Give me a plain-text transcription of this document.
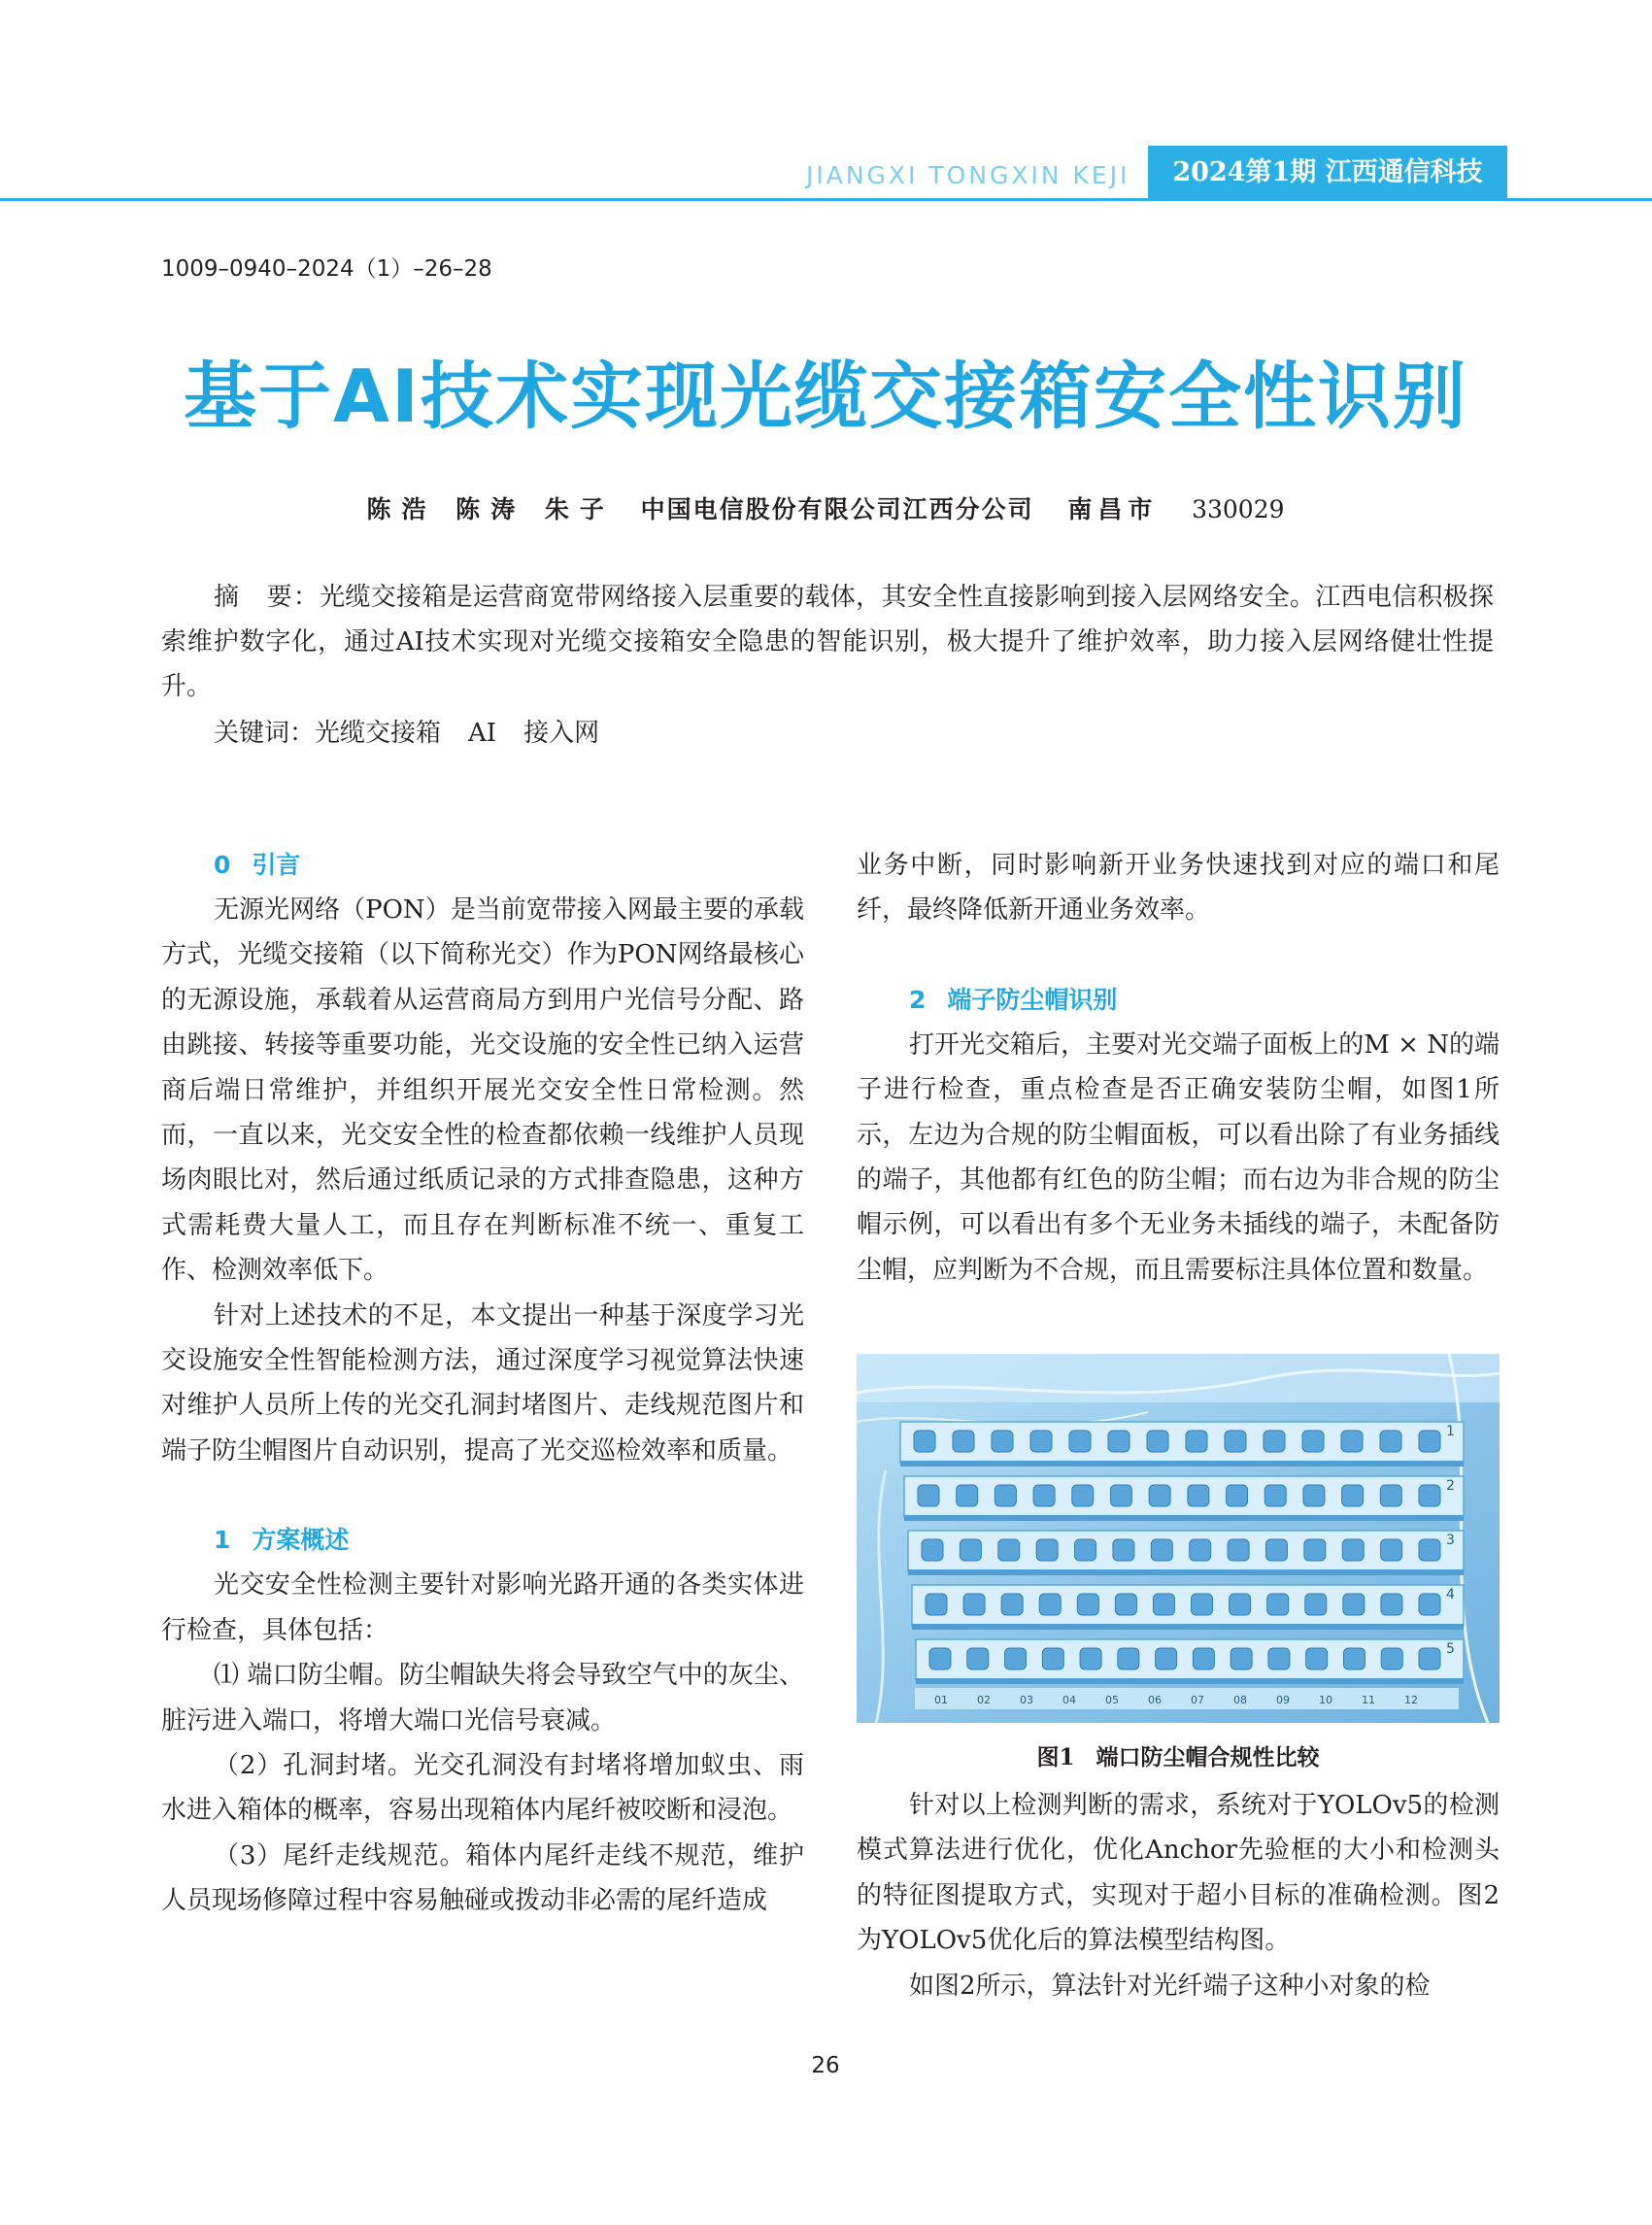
JIANGXI TONGXIN KEJI	2024第1期 江西通信科技
1009–0940–2024（1）–26–28
基于AI技术实现光缆交接箱安全性识别
陈浩 陈涛 朱子 中国电信股份有限公司江西分公司 南昌市 330029

摘　要：光缆交接箱是运营商宽带网络接入层重要的载体，其安全性直接影响到接入层网络安全。江西电信积极探索维护数字化，通过AI技术实现对光缆交接箱安全隐患的智能识别，极大提升了维护效率，助力接入层网络健壮性提升。

关键词：光缆交接箱 AI 接入网
0 引言

无源光网络（PON）是当前宽带接入网最主要的承载方式，光缆交接箱（以下简称光交）作为PON网络最核心的无源设施，承载着从运营商局方到用户光信号分配、路由跳接、转接等重要功能，光交设施的安全性已纳入运营商后端日常维护，并组织开展光交安全性日常检测。然而，一直以来，光交安全性的检查都依赖一线维护人员现场肉眼比对，然后通过纸质记录的方式排查隐患，这种方式需耗费大量人工，而且存在判断标准不统一、重复工作、检测效率低下。

针对上述技术的不足，本文提出一种基于深度学习光交设施安全性智能检测方法，通过深度学习视觉算法快速对维护人员所上传的光交孔洞封堵图片、走线规范图片和端子防尘帽图片自动识别，提高了光交巡检效率和质量。

1 方案概述

光交安全性检测主要针对影响光路开通的各类实体进行检查，具体包括：

⑴ 端口防尘帽。防尘帽缺失将会导致空气中的灰尘、脏污进入端口，将增大端口光信号衰减。

（2）孔洞封堵。光交孔洞没有封堵将增加蚁虫、雨水进入箱体的概率，容易出现箱体内尾纤被咬断和浸泡。

（3）尾纤走线规范。箱体内尾纤走线不规范，维护人员现场修障过程中容易触碰或拨动非必需的尾纤造成

业务中断，同时影响新开业务快速找到对应的端口和尾纤，最终降低新开通业务效率。

2 端子防尘帽识别

打开光交箱后，主要对光交端子面板上的M × N的端子进行检查，重点检查是否正确安装防尘帽，如图1所示，左边为合规的防尘帽面板，可以看出除了有业务插线的端子，其他都有红色的防尘帽；而右边为非合规的防尘帽示例，可以看出有多个无业务未插线的端子，未配备防尘帽，应判断为不合规，而且需要标注具体位置和数量。

1
2
3
4
5
01	02	03	04	05	06	07	08	09	10	11	12
图1 端口防尘帽合规性比较

针对以上检测判断的需求，系统对于YOLOv5的检测模式算法进行优化，优化Anchor先验框的大小和检测头的特征图提取方式，实现对于超小目标的准确检测。图2为YOLOv5优化后的算法模型结构图。

如图2所示，算法针对光纤端子这种小对象的检

26
